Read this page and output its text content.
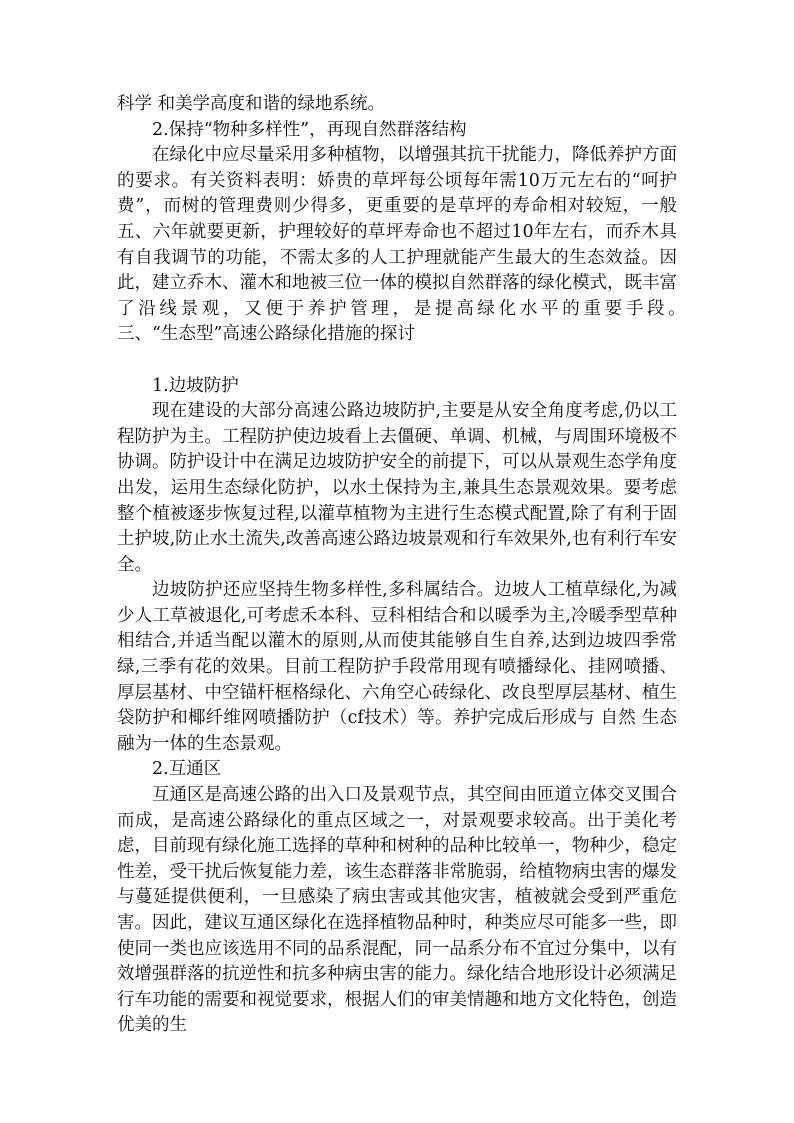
科学 和美学高度和谐的绿地系统。

2.保持“物种多样性”，再现自然群落结构

在绿化中应尽量采用多种植物，以增强其抗干扰能力，降低养护方面的要求。有关资料表明：娇贵的草坪每公顷每年需10万元左右的“呵护费”，而树的管理费则少得多，更重要的是草坪的寿命相对较短，一般五、六年就要更新，护理较好的草坪寿命也不超过10年左右，而乔木具有自我调节的功能，不需太多的人工护理就能产生最大的生态效益。因此，建立乔木、灌木和地被三位一体的模拟自然群落的绿化模式，既丰富了沿线景观，又便于养护管理，是提高绿化水平的重要手段。　　　　三、“生态型”高速公路绿化措施的探讨

1.边坡防护

现在建设的大部分高速公路边坡防护,主要是从安全角度考虑,仍以工程防护为主。工程防护使边坡看上去僵硬、单调、机械，与周围环境极不协调。防护设计中在满足边坡防护安全的前提下，可以从景观生态学角度出发，运用生态绿化防护，以水土保持为主,兼具生态景观效果。要考虑整个植被逐步恢复过程,以灌草植物为主进行生态模式配置,除了有利于固土护坡,防止水土流失,改善高速公路边坡景观和行车效果外,也有利行车安全。

边坡防护还应坚持生物多样性,多科属结合。边坡人工植草绿化,为减少人工草被退化,可考虑禾本科、豆科相结合和以暖季为主,冷暖季型草种相结合,并适当配以灌木的原则,从而使其能够自生自养,达到边坡四季常绿,三季有花的效果。目前工程防护手段常用现有喷播绿化、挂网喷播、厚层基材、中空锚杆框格绿化、六角空心砖绿化、改良型厚层基材、植生袋防护和椰纤维网喷播防护（cf技术）等。养护完成后形成与 自然 生态融为一体的生态景观。

2.互通区

互通区是高速公路的出入口及景观节点，其空间由匝道立体交叉围合而成，是高速公路绿化的重点区域之一，对景观要求较高。出于美化考虑，目前现有绿化施工选择的草种和树种的品种比较单一，物种少，稳定性差，受干扰后恢复能力差，该生态群落非常脆弱，给植物病虫害的爆发与蔓延提供便利，一旦感染了病虫害或其他灾害，植被就会受到严重危害。因此，建议互通区绿化在选择植物品种时，种类应尽可能多一些，即使同一类也应该选用不同的品系混配，同一品系分布不宜过分集中，以有效增强群落的抗逆性和抗多种病虫害的能力。绿化结合地形设计必须满足行车功能的需要和视觉要求，根据人们的审美情趣和地方文化特色，创造优美的生
